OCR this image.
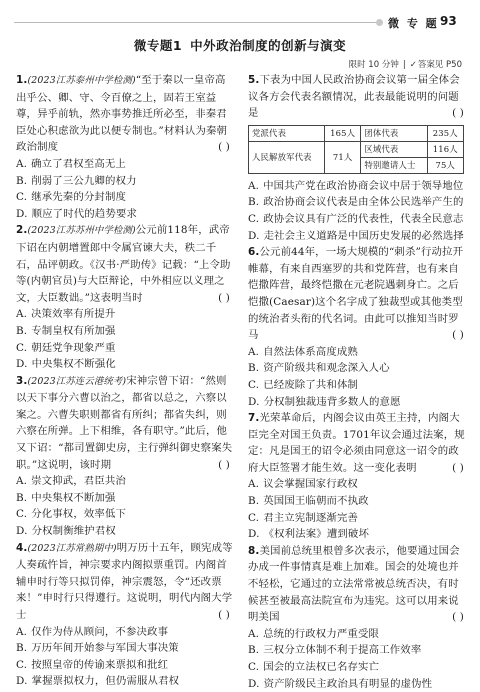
微 专 题 93
微专题1 中外政治制度的创新与演变
限时 10 分钟 | ✓答案见 P50
1.(2023江苏泰州中学检测)“至于秦以一皇帝高出乎公、卿、守、令百僚之上，固若王室益尊，异乎前轨，然亦事势推迁所必至，非秦君臣处心积虑欲为此以便专制也。”材料认为秦朝政治制度	( )
A. 确立了君权至高无上
B. 削弱了三公九卿的权力
C. 继承先秦的分封制度
D. 顺应了时代的趋势要求
2.(2023江苏苏州中学检测)公元前118年，武帝下诏在内朝增置郎中令属官谏大夫，秩二千石，品评朝政。《汉书·严助传》记载：“上令助等(内朝官员)与大臣辩论，中外相应以义理之文，大臣数诎。”这表明当时	( )
A. 决策效率有所提升
B. 专制皇权有所加强
C. 朝廷党争现象严重
D. 中央集权不断强化
3.(2023江苏连云港统考)宋神宗曾下诏：“然则以天下事分六曹以治之，都省以总之，六察以案之。六曹失职则都省有所纠；都省失纠，则六察在所弹。上下相维，各有职守。”此后，他又下诏：“都司置御史房，主行弹纠御史察案失职。”这说明，该时期	( )
A. 崇文抑武，君臣共治
B. 中央集权不断加强
C. 分化事权，效率低下
D. 分权制衡维护君权
4.(2023江苏常熟期中)明万历十五年，顾宪成等人奏疏忤旨，神宗要求内阁拟票重罚。内阁首辅申时行等只拟罚俸，神宗震怒，令“还改票来！”申时行只得遵行。这说明，明代内阁大学士	( )
A. 仅作为侍从顾问，不参决政事
B. 万历年间开始参与军国大事决策
C. 按照皇帝的传谕来票拟和批红
D. 掌握票拟权力，但仍需服从君权
5.下表为中国人民政治协商会议第一届全体会议各方会代表名额情况，此表最能说明的问题是	( )
党派代表	165人	团体代表	235人
人民解放军代表	71人	区域代表	116人
		特别邀请人士	75人
A. 中国共产党在政治协商会议中居于领导地位
B. 政治协商会议代表是由全体公民选举产生的
C. 政协会议具有广泛的代表性，代表全民意志
D. 走社会主义道路是中国历史发展的必然选择
6.公元前44年，一场大规模的“刺杀”行动拉开帷幕，有来自西塞罗的共和党阵营，也有来自恺撒阵营，最终恺撒在元老院遇刺身亡。之后恺撒(Caesar)这个名字成了独裁型或其他类型的统治者头衔的代名词。由此可以推知当时罗马	( )
A. 自然法体系高度成熟
B. 资产阶级共和观念深入人心
C. 已经废除了共和体制
D. 分权制独裁违背多数人的意愿
7.光荣革命后，内阁会议由英王主持，内阁大臣完全对国王负责。1701年议会通过法案，规定：凡是国王的诏令必须由同意这一诏令的政府大臣签署才能生效。这一变化表明	( )
A. 议会掌握国家行政权
B. 英国国王临朝而不执政
C. 君主立宪制逐渐完善
D. 《权利法案》遭到破坏
8.美国前总统里根曾多次表示，他要通过国会办成一件事情真是难上加难。国会的处境也并不轻松，它通过的立法常常被总统否决，有时候甚至被最高法院宣布为违宪。这可以用来说明美国	( )
A. 总统的行政权力严重受限
B. 三权分立体制不利于提高工作效率
C. 国会的立法权已名存实亡
D. 资产阶级民主政治具有明显的虚伪性
